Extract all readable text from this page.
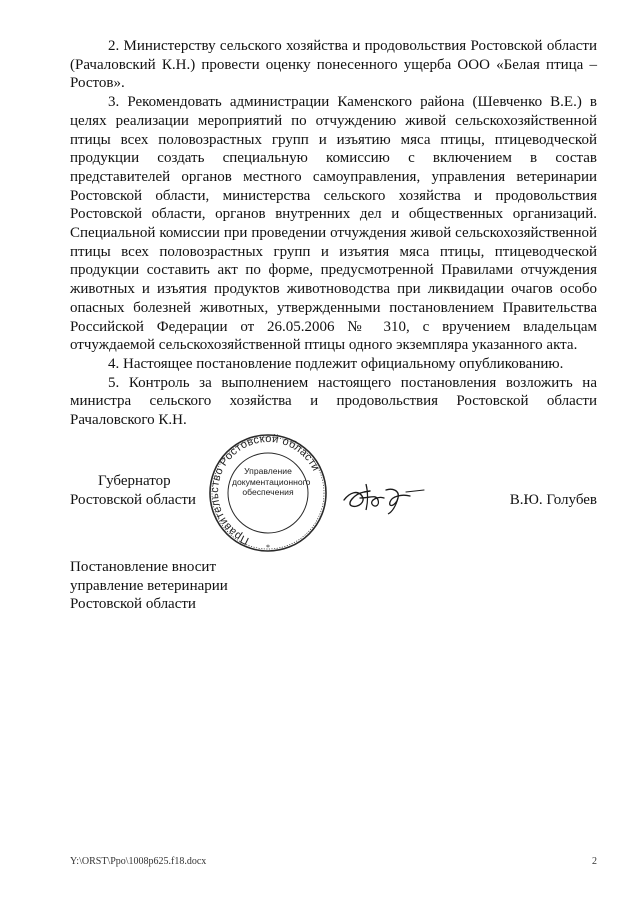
2. Министерству сельского хозяйства и продовольствия Ростовской области (Рачаловский К.Н.) провести оценку понесенного ущерба ООО «Белая птица – Ростов».

3. Рекомендовать администрации Каменского района (Шевченко В.Е.) в целях реализации мероприятий по отчуждению живой сельскохозяйственной птицы всех половозрастных групп и изъятию мяса птицы, птицеводческой продукции создать специальную комиссию с включением в состав представителей органов местного самоуправления, управления ветеринарии Ростовской области, министерства сельского хозяйства и продовольствия Ростовской области, органов внутренних дел и общественных организаций. Специальной комиссии при проведении отчуждения живой сельскохозяйственной птицы всех половозрастных групп и изъятия мяса птицы, птицеводческой продукции составить акт по форме, предусмотренной Правилами отчуждения животных и изъятия продуктов животноводства при ликвидации очагов особо опасных болезней животных, утвержденными постановлением Правительства Российской Федерации от 26.05.2006 № 310, с вручением владельцам отчуждаемой сельскохозяйственной птицы одного экземпляра указанного акта.

4. Настоящее постановление подлежит официальному опубликованию.

5. Контроль за выполнением настоящего постановления возложить на министра сельского хозяйства и продовольствия Ростовской области Рачаловского К.Н.

Губернатор
Ростовской области
Правительство Ростовской области
*
Управление
документационного
обеспечения	В.Ю. Голубев
Постановление вносит
управление ветеринарии
Ростовской области
Y:\ORST\Ppo\1008p625.f18.docx	2
